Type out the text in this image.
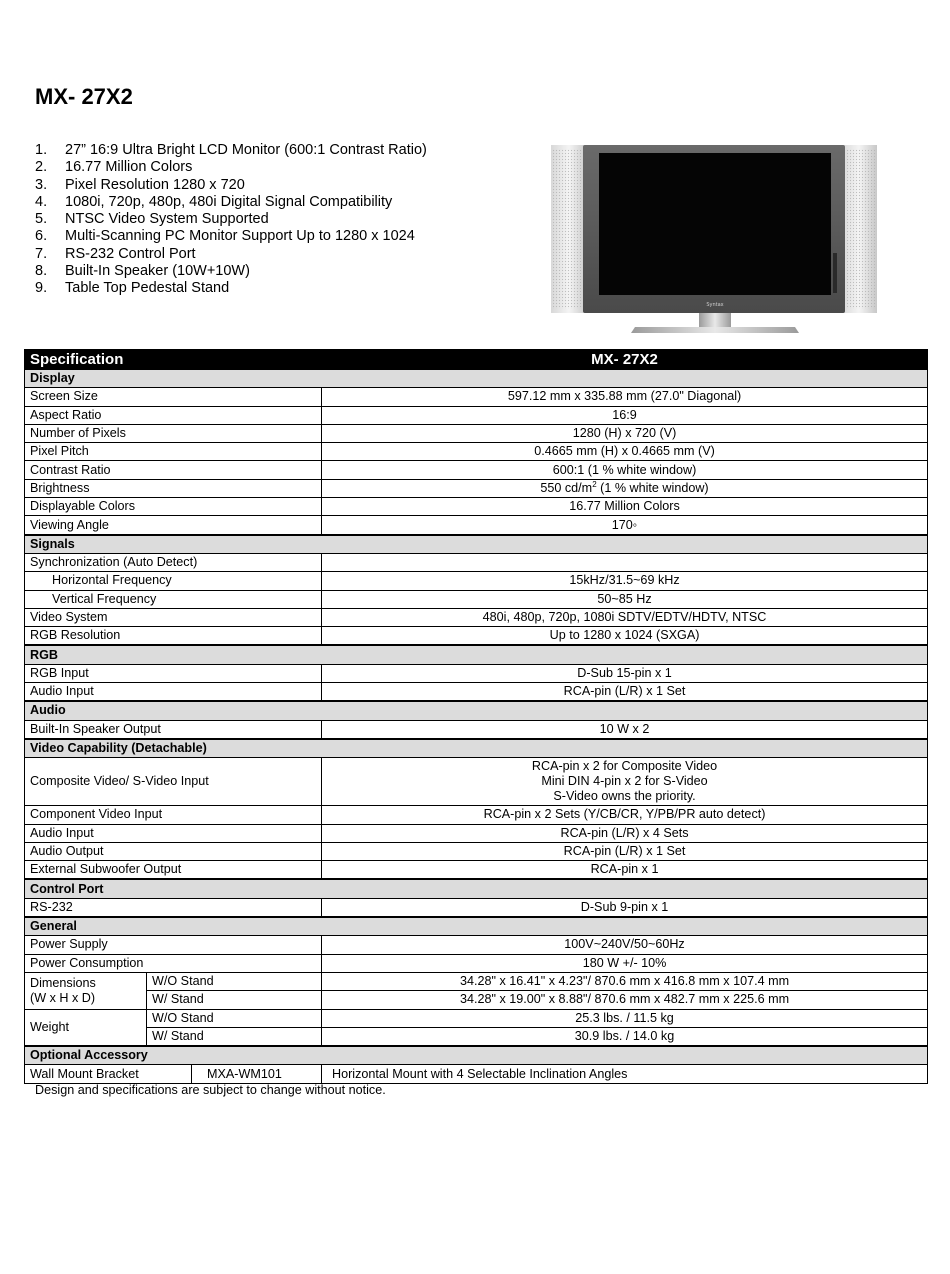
MX- 27X2
1.	27” 16:9 Ultra Bright LCD Monitor (600:1 Contrast Ratio)
2.	16.77 Million Colors
3.	Pixel Resolution 1280 x 720
4.	1080i, 720p, 480p, 480i Digital Signal Compatibility
5.	NTSC Video System Supported
6.	Multi-Scanning PC Monitor Support Up to 1280 x 1024
7.	RS-232 Control Port
8.	Built-In Speaker (10W+10W)
9.	Table Top Pedestal Stand
Syntax
Specification			MX- 27X2
Display			
Screen Size			597.12 mm x 335.88 mm (27.0" Diagonal)
Aspect Ratio			16:9
Number of Pixels			1280 (H) x 720 (V)
Pixel Pitch			0.4665 mm (H) x 0.4665 mm (V)
Contrast Ratio			600:1 (1 % white window)
Brightness			550 $cd/m^2$ (1 % white window)
Displayable Colors			16.77 Million Colors
Viewing Angle			170◦
Signals			
Synchronization (Auto Detect)			
Horizontal Frequency			15kHz/31.5~69 kHz
Vertical Frequency			50~85 Hz
Video System			480i, 480p, 720p, 1080i SDTV/EDTV/HDTV, NTSC
RGB Resolution			Up to 1280 x 1024 (SXGA)
RGB			
RGB Input			D-Sub 15-pin x 1
Audio Input			RCA-pin (L/R) x 1 Set
Audio			
Built-In Speaker Output			10 W x 2
Video Capability (Detachable)			
Composite Video/ S-Video Input			RCA-pin x 2 for Composite Video
Mini DIN 4-pin x 2 for S-Video
S-Video owns the priority.

Component Video Input			RCA-pin x 2 Sets (Y/CB/CR, Y/PB/PR auto detect)
Audio Input			RCA-pin (L/R) x 4 Sets
Audio Output			RCA-pin (L/R) x 1 Set
External Subwoofer Output			RCA-pin x 1
Control Port			
RS-232			D-Sub 9-pin x 1
General			
Power Supply			100V~240V/50~60Hz
Power Consumption			180 W +/- 10%

Dimensions
(W x H x D)	W/O Stand		34.28" x 16.41" x 4.23"/ 870.6 mm x 416.8 mm x 107.4 mm
	W/ Stand		34.28" x 19.00" x 8.88"/ 870.6 mm x 482.7 mm x 225.6 mm
Weight	W/O Stand		25.3 lbs. / 11.5 kg
	W/ Stand		30.9 lbs. / 14.0 kg
Optional Accessory			
Wall Mount Bracket		MXA-WM101	Horizontal Mount with 4 Selectable Inclination Angles
Design and specifications are subject to change without notice.
